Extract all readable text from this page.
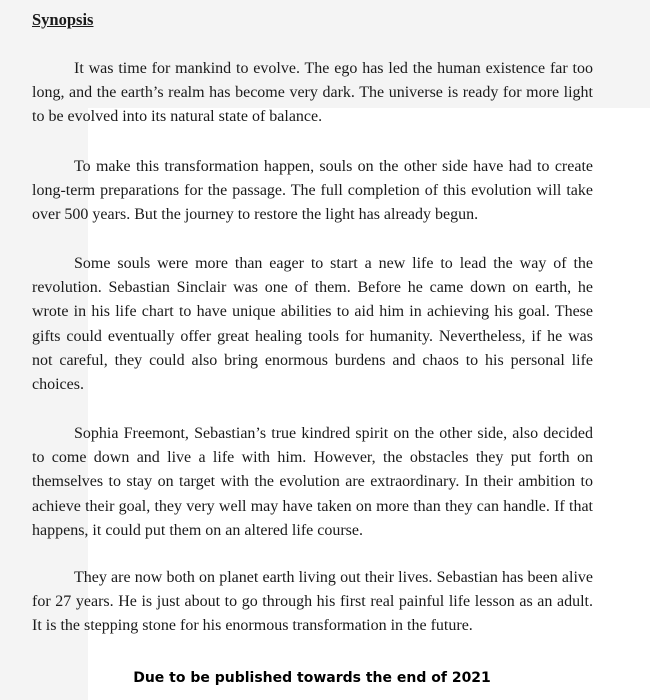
Synopsis

It was time for mankind to evolve. The ego has led the human existence far too long, and the earth’s realm has become very dark. The universe is ready for more light to be evolved into its natural state of balance.

To make this transformation happen, souls on the other side have had to create long-term preparations for the passage. The full completion of this evolution will take over 500 years. But the journey to restore the light has already begun.

Some souls were more than eager to start a new life to lead the way of the revolution. Sebastian Sinclair was one of them. Before he came down on earth, he wrote in his life chart to have unique abilities to aid him in achieving his goal. These gifts could eventually offer great healing tools for humanity. Nevertheless, if he was not careful, they could also bring enormous burdens and chaos to his personal life choices.

Sophia Freemont, Sebastian’s true kindred spirit on the other side, also decided to come down and live a life with him. However, the obstacles they put forth on themselves to stay on target with the evolution are extraordinary. In their ambition to achieve their goal, they very well may have taken on more than they can handle. If that happens, it could put them on an altered life course.

They are now both on planet earth living out their lives. Sebastian has been alive for 27 years. He is just about to go through his first real painful life lesson as an adult. It is the stepping stone for his enormous transformation in the future.

Due to be published towards the end of 2021
